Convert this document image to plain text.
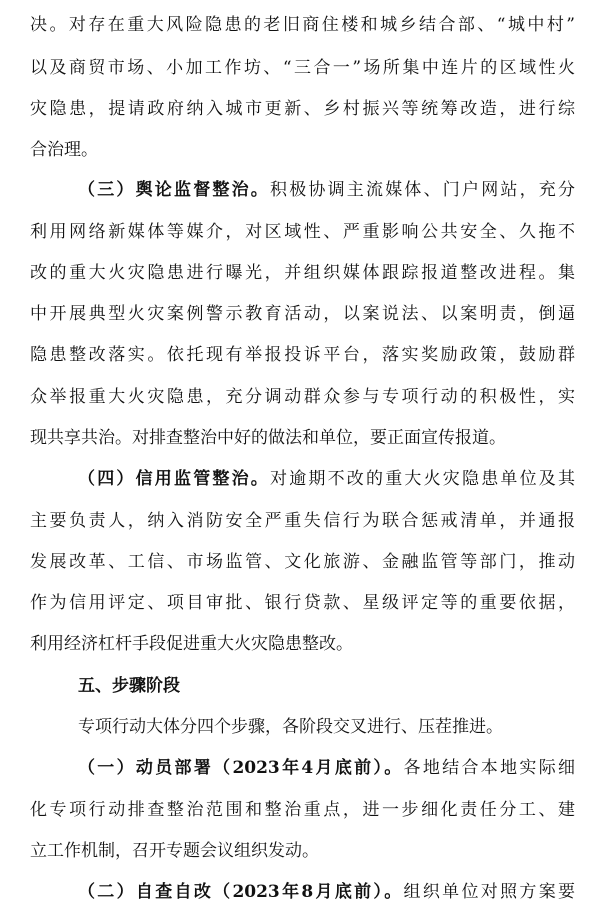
决。对存在重大风险隐患的老旧商住楼和城乡结合部、“城中村”
以及商贸市场、小加工作坊、“三合一”场所集中连片的区域性火
灾隐患，提请政府纳入城市更新、乡村振兴等统筹改造，进行综
合治理。
（三）舆论监督整治。积极协调主流媒体、门户网站，充分
利用网络新媒体等媒介，对区域性、严重影响公共安全、久拖不
改的重大火灾隐患进行曝光，并组织媒体跟踪报道整改进程。集
中开展典型火灾案例警示教育活动，以案说法、以案明责，倒逼
隐患整改落实。依托现有举报投诉平台，落实奖励政策，鼓励群
众举报重大火灾隐患，充分调动群众参与专项行动的积极性，实
现共享共治。对排查整治中好的做法和单位，要正面宣传报道。
（四）信用监管整治。对逾期不改的重大火灾隐患单位及其
主要负责人，纳入消防安全严重失信行为联合惩戒清单，并通报
发展改革、工信、市场监管、文化旅游、金融监管等部门，推动
作为信用评定、项目审批、银行贷款、星级评定等的重要依据，
利用经济杠杆手段促进重大火灾隐患整改。
五、步骤阶段
专项行动大体分四个步骤，各阶段交叉进行、压茬推进。
（一）动员部署（2023年4月底前）。各地结合本地实际细
化专项行动排查整治范围和整治重点，进一步细化责任分工、建
立工作机制，召开专题会议组织发动。
（二）自查自改（2023年8月底前）。组织单位对照方案要
